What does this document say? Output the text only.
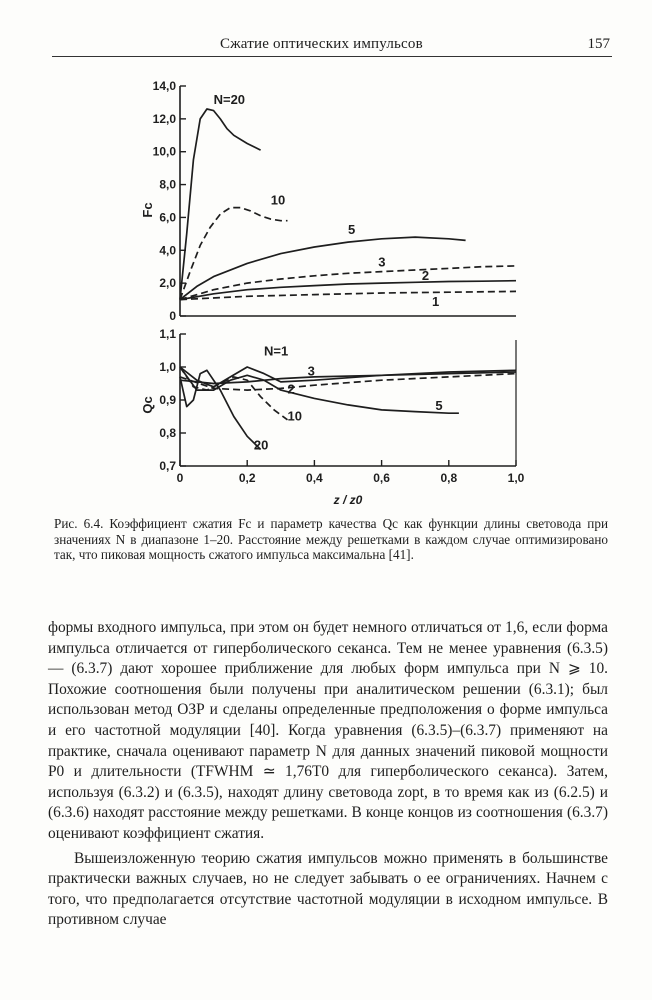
Сжатие оптических импульсов	157
0
2,0
4,0
6,0
8,0
10,0
12,0
14,0
Fc
N=20
10
5
3
2
1
0,7
0,8
0,9
1,0
1,1
Qc
0	0,2	0,4	0,6	0,8	1,0
z / z0
N=1
2
3
5
10
20
Рис. 6.4. Коэффициент сжатия Fc и параметр качества Qc как функции длины световода при значениях N в диапазоне 1–20. Расстояние между решетками в каждом случае оптимизировано так, что пиковая мощность сжатого импульса максимальна [41].

формы входного импульса, при этом он будет немного отличаться от 1,6, если форма импульса отличается от гиперболического секанса. Тем не менее уравнения (6.3.5) — (6.3.7) дают хорошее приближение для любых форм импульса при N ⩾ 10. Похожие соотношения были получены при аналитическом решении (6.3.1); был использован метод ОЗР и сделаны определенные предположения о форме импульса и его частотной модуляции [40]. Когда уравнения (6.3.5)–(6.3.7) применяют на практике, сначала оценивают параметр N для данных значений пиковой мощности P0 и длительности (TFWHM ≃ 1,76T0 для гиперболического секанса). Затем, используя (6.3.2) и (6.3.5), находят длину световода zopt, в то время как из (6.2.5) и (6.3.6) находят расстояние между решетками. В конце концов из соотношения (6.3.7) оценивают коэффициент сжатия.

Вышеизложенную теорию сжатия импульсов можно применять в большинстве практически важных случаев, но не следует забывать о ее ограничениях. Начнем с того, что предполагается отсутствие частотной модуляции в исходном импульсе. В противном случае
